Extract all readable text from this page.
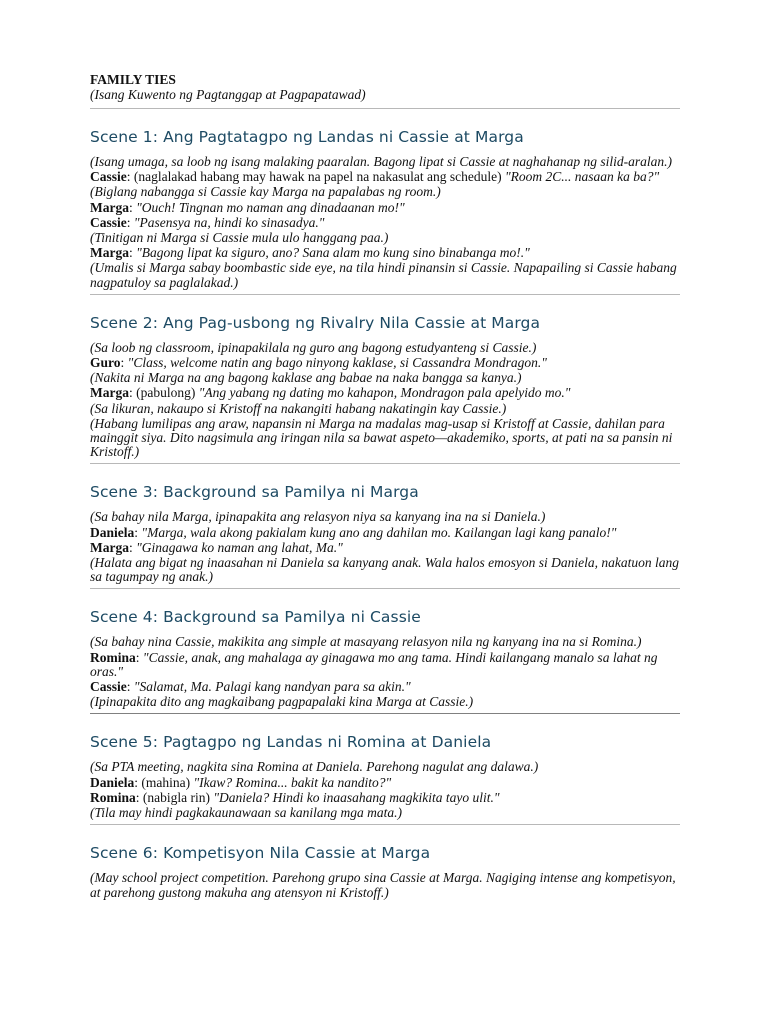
FAMILY TIES

(Isang Kuwento ng Pagtanggap at Pagpapatawad)

Scene 1: Ang Pagtatagpo ng Landas ni Cassie at Marga

(Isang umaga, sa loob ng isang malaking paaralan. Bagong lipat si Cassie at naghahanap ng silid-aralan.)

Cassie: (naglalakad habang may hawak na papel na nakasulat ang schedule) "Room 2C... nasaan ka ba?"

(Biglang nabangga si Cassie kay Marga na papalabas ng room.)

Marga: "Ouch! Tingnan mo naman ang dinadaanan mo!"

Cassie: "Pasensya na, hindi ko sinasadya."

(Tinitigan ni Marga si Cassie mula ulo hanggang paa.)

Marga: "Bagong lipat ka siguro, ano? Sana alam mo kung sino binabanga mo!."

(Umalis si Marga sabay boombastic side eye, na tila hindi pinansin si Cassie. Napapailing si Cassie habang nagpatuloy sa paglalakad.)

Scene 2: Ang Pag-usbong ng Rivalry Nila Cassie at Marga

(Sa loob ng classroom, ipinapakilala ng guro ang bagong estudyanteng si Cassie.)

Guro: "Class, welcome natin ang bago ninyong kaklase, si Cassandra Mondragon."

(Nakita ni Marga na ang bagong kaklase ang babae na naka bangga sa kanya.)

Marga: (pabulong) "Ang yabang ng dating mo kahapon, Mondragon pala apelyido mo."

(Sa likuran, nakaupo si Kristoff na nakangiti habang nakatingin kay Cassie.)

(Habang lumilipas ang araw, napansin ni Marga na madalas mag-usap si Kristoff at Cassie, dahilan para mainggit siya. Dito nagsimula ang iringan nila sa bawat aspeto—akademiko, sports, at pati na sa pansin ni Kristoff.)

Scene 3: Background sa Pamilya ni Marga

(Sa bahay nila Marga, ipinapakita ang relasyon niya sa kanyang ina na si Daniela.)

Daniela: "Marga, wala akong pakialam kung ano ang dahilan mo. Kailangan lagi kang panalo!"

Marga: "Ginagawa ko naman ang lahat, Ma."

(Halata ang bigat ng inaasahan ni Daniela sa kanyang anak. Wala halos emosyon si Daniela, nakatuon lang sa tagumpay ng anak.)

Scene 4: Background sa Pamilya ni Cassie

(Sa bahay nina Cassie, makikita ang simple at masayang relasyon nila ng kanyang ina na si Romina.)

Romina: "Cassie, anak, ang mahalaga ay ginagawa mo ang tama. Hindi kailangang manalo sa lahat ng oras."

Cassie: "Salamat, Ma. Palagi kang nandyan para sa akin."

(Ipinapakita dito ang magkaibang pagpapalaki kina Marga at Cassie.)

Scene 5: Pagtagpo ng Landas ni Romina at Daniela

(Sa PTA meeting, nagkita sina Romina at Daniela. Parehong nagulat ang dalawa.)

Daniela: (mahina) "Ikaw? Romina... bakit ka nandito?"

Romina: (nabigla rin) "Daniela? Hindi ko inaasahang magkikita tayo ulit."

(Tila may hindi pagkakaunawaan sa kanilang mga mata.)

Scene 6: Kompetisyon Nila Cassie at Marga

(May school project competition. Parehong grupo sina Cassie at Marga. Nagiging intense ang kompetisyon, at parehong gustong makuha ang atensyon ni Kristoff.)
